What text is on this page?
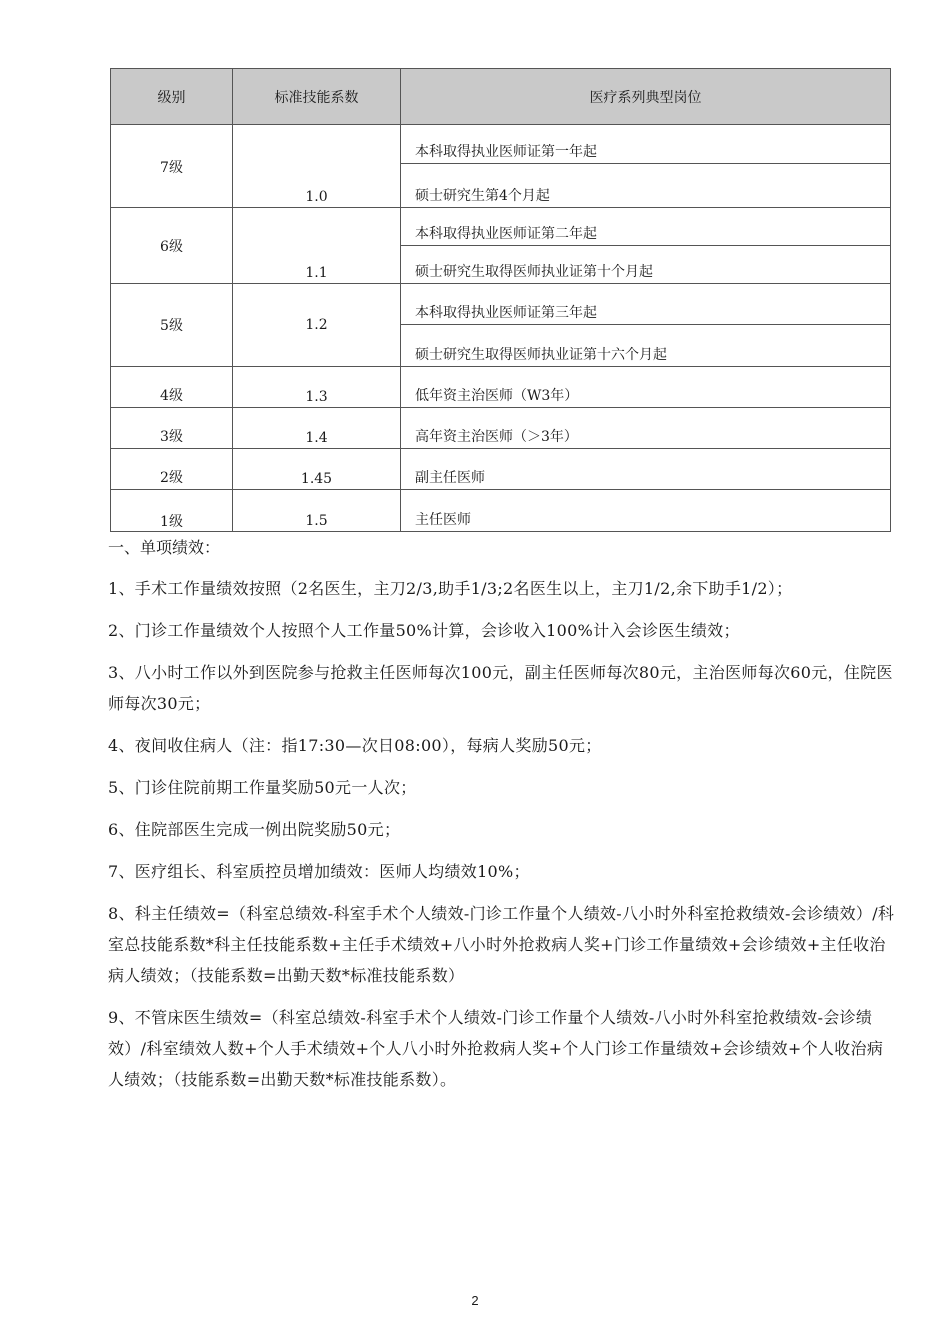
级别	标准技能系数	医疗系列典型岗位
7级	1.0	本科取得执业医师证第一年起
		硕士研究生第4个月起
6级	1.1	本科取得执业医师证第二年起
		硕士研究生取得医师执业证第十个月起
5级	1.2	本科取得执业医师证第三年起
		硕士研究生取得医师执业证第十六个月起
4级	1.3	低年资主治医师（W3年）
3级	1.4	高年资主治医师（＞3年）
2级	1.45	副主任医师
1级	1.5	主任医师

一、单项绩效：

1、手术工作量绩效按照（2名医生，主刀2/3,助手1/3;2名医生以上，主刀1/2,余下助手1/2）；

2、门诊工作量绩效个人按照个人工作量50%计算，会诊收入100%计入会诊医生绩效；

3、八小时工作以外到医院参与抢救主任医师每次100元，副主任医师每次80元，主治医师每次60元，住院医师每次30元；

4、夜间收住病人（注：指17:30—次日08:00），每病人奖励50元；

5、门诊住院前期工作量奖励50元一人次；

6、住院部医生完成一例出院奖励50元；

7、医疗组长、科室质控员增加绩效：医师人均绩效10%；

8、科主任绩效=（科室总绩效-科室手术个人绩效-门诊工作量个人绩效-八小时外科室抢救绩效-会诊绩效）/科室总技能系数*科主任技能系数+主任手术绩效+八小时外抢救病人奖+门诊工作量绩效+会诊绩效+主任收治病人绩效；（技能系数=出勤天数*标准技能系数）

9、不管床医生绩效=（科室总绩效-科室手术个人绩效-门诊工作量个人绩效-八小时外科室抢救绩效-会诊绩效）/科室绩效人数+个人手术绩效+个人八小时外抢救病人奖+个人门诊工作量绩效+会诊绩效+个人收治病人绩效；（技能系数=出勤天数*标准技能系数）。

2
